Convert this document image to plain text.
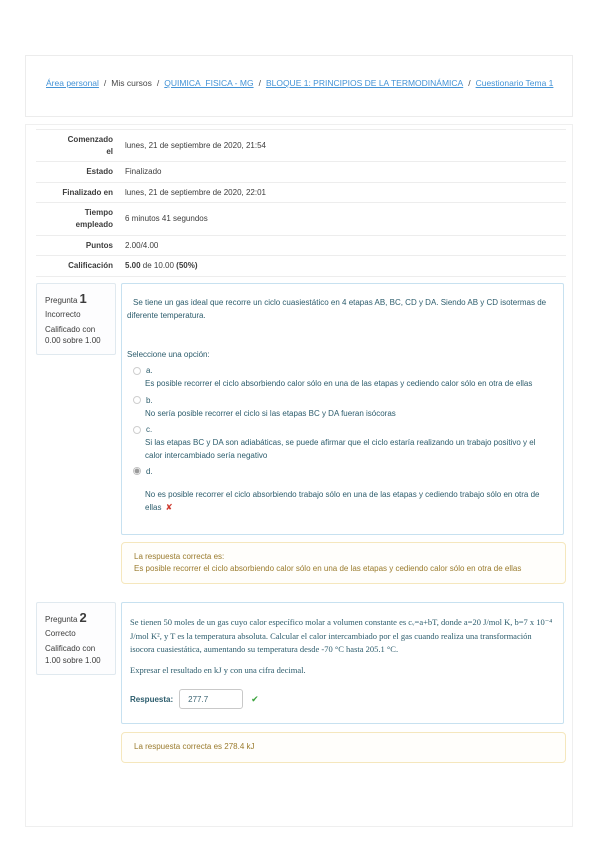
Área personal / Mis cursos / QUIMICA_FISICA - MG / BLOQUE 1: PRINCIPIOS DE LA TERMODINÁMICA / Cuestionario Tema 1
Comenzado el	lunes, 21 de septiembre de 2020, 21:54
Estado	Finalizado
Finalizado en	lunes, 21 de septiembre de 2020, 22:01
Tiempo empleado	6 minutos 41 segundos
Puntos	2.00/4.00
Calificación	5.00 de 10.00 (50%)
Pregunta 1
Incorrecto
Calificado con 0.00 sobre 1.00

Se tiene un gas ideal que recorre un ciclo cuasiestático en 4 etapas AB, BC, CD y DA. Siendo AB y CD isotermas de diferente temperatura.

Seleccione una opción:

a.
Es posible recorrer el ciclo absorbiendo calor sólo en una de las etapas y cediendo calor sólo en otra de ellas
b.
No sería posible recorrer el ciclo si las etapas BC y DA fueran isócoras
c.
Si las etapas BC y DA son adiabáticas, se puede afirmar que el ciclo estaría realizando un trabajo positivo y el calor intercambiado sería negativo
d.
No es posible recorrer el ciclo absorbiendo trabajo sólo en una de las etapas y cediendo trabajo sólo en otra de ellas ✘
La respuesta correcta es:
Es posible recorrer el ciclo absorbiendo calor sólo en una de las etapas y cediendo calor sólo en otra de ellas
Pregunta 2
Correcto
Calificado con 1.00 sobre 1.00

Se tienen 50 moles de un gas cuyo calor específico molar a volumen constante es cᵥ=a+bT, donde a=20 J/mol K, b=7 x 10⁻⁴ J/mol K², y T es la temperatura absoluta. Calcular el calor intercambiado por el gas cuando realiza una transformación isocora cuasiestática, aumentando su temperatura desde -70 °C hasta 205.1 °C.

Expresar el resultado en kJ y con una cifra decimal.

Respuesta:
277.7	✔
La respuesta correcta es 278.4 kJ
